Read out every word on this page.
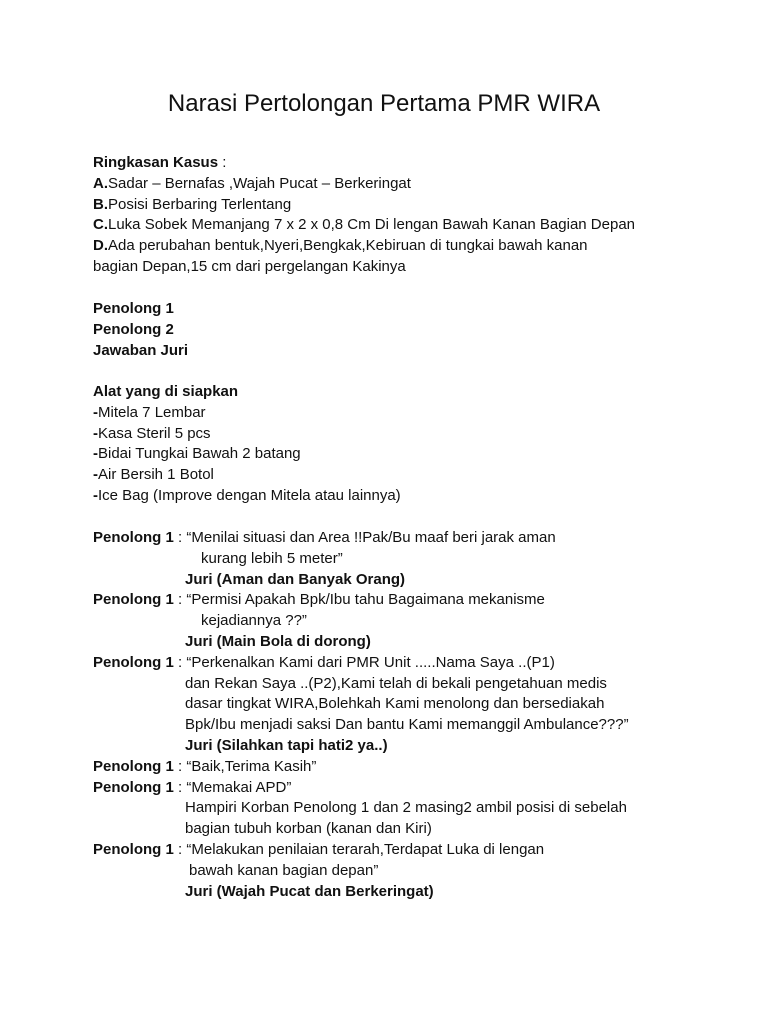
Narasi Pertolongan Pertama PMR WIRA

Ringkasan Kasus :

A.Sadar – Bernafas ,Wajah Pucat – Berkeringat

B.Posisi Berbaring Terlentang

C.Luka Sobek Memanjang 7 x 2 x 0,8 Cm Di lengan Bawah Kanan Bagian Depan

D.Ada perubahan bentuk,Nyeri,Bengkak,Kebiruan di tungkai bawah kanan

bagian Depan,15 cm dari pergelangan Kakinya

Penolong 1

Penolong 2

Jawaban Juri

Alat yang di siapkan

-Mitela 7 Lembar

-Kasa Steril 5 pcs

-Bidai Tungkai Bawah 2 batang

-Air Bersih 1 Botol

-Ice Bag (Improve dengan Mitela atau lainnya)

Penolong 1 : “Menilai situasi dan Area !!Pak/Bu maaf beri jarak aman

kurang lebih 5 meter”

Juri (Aman dan Banyak Orang)

Penolong 1 : “Permisi Apakah Bpk/Ibu tahu Bagaimana mekanisme

kejadiannya ??”

Juri (Main Bola di dorong)

Penolong 1 : “Perkenalkan Kami dari PMR Unit .....Nama Saya ..(P1)

dan Rekan Saya ..(P2),Kami telah di bekali pengetahuan medis

dasar tingkat WIRA,Bolehkah Kami menolong dan bersediakah

Bpk/Ibu menjadi saksi Dan bantu Kami memanggil Ambulance???”

Juri (Silahkan tapi hati2 ya..)

Penolong 1 : “Baik,Terima Kasih”

Penolong 1 : “Memakai APD”

Hampiri Korban Penolong 1 dan 2 masing2 ambil posisi di sebelah

bagian tubuh korban (kanan dan Kiri)

Penolong 1 : “Melakukan penilaian terarah,Terdapat Luka di lengan

bawah kanan bagian depan”

Juri (Wajah Pucat dan Berkeringat)
